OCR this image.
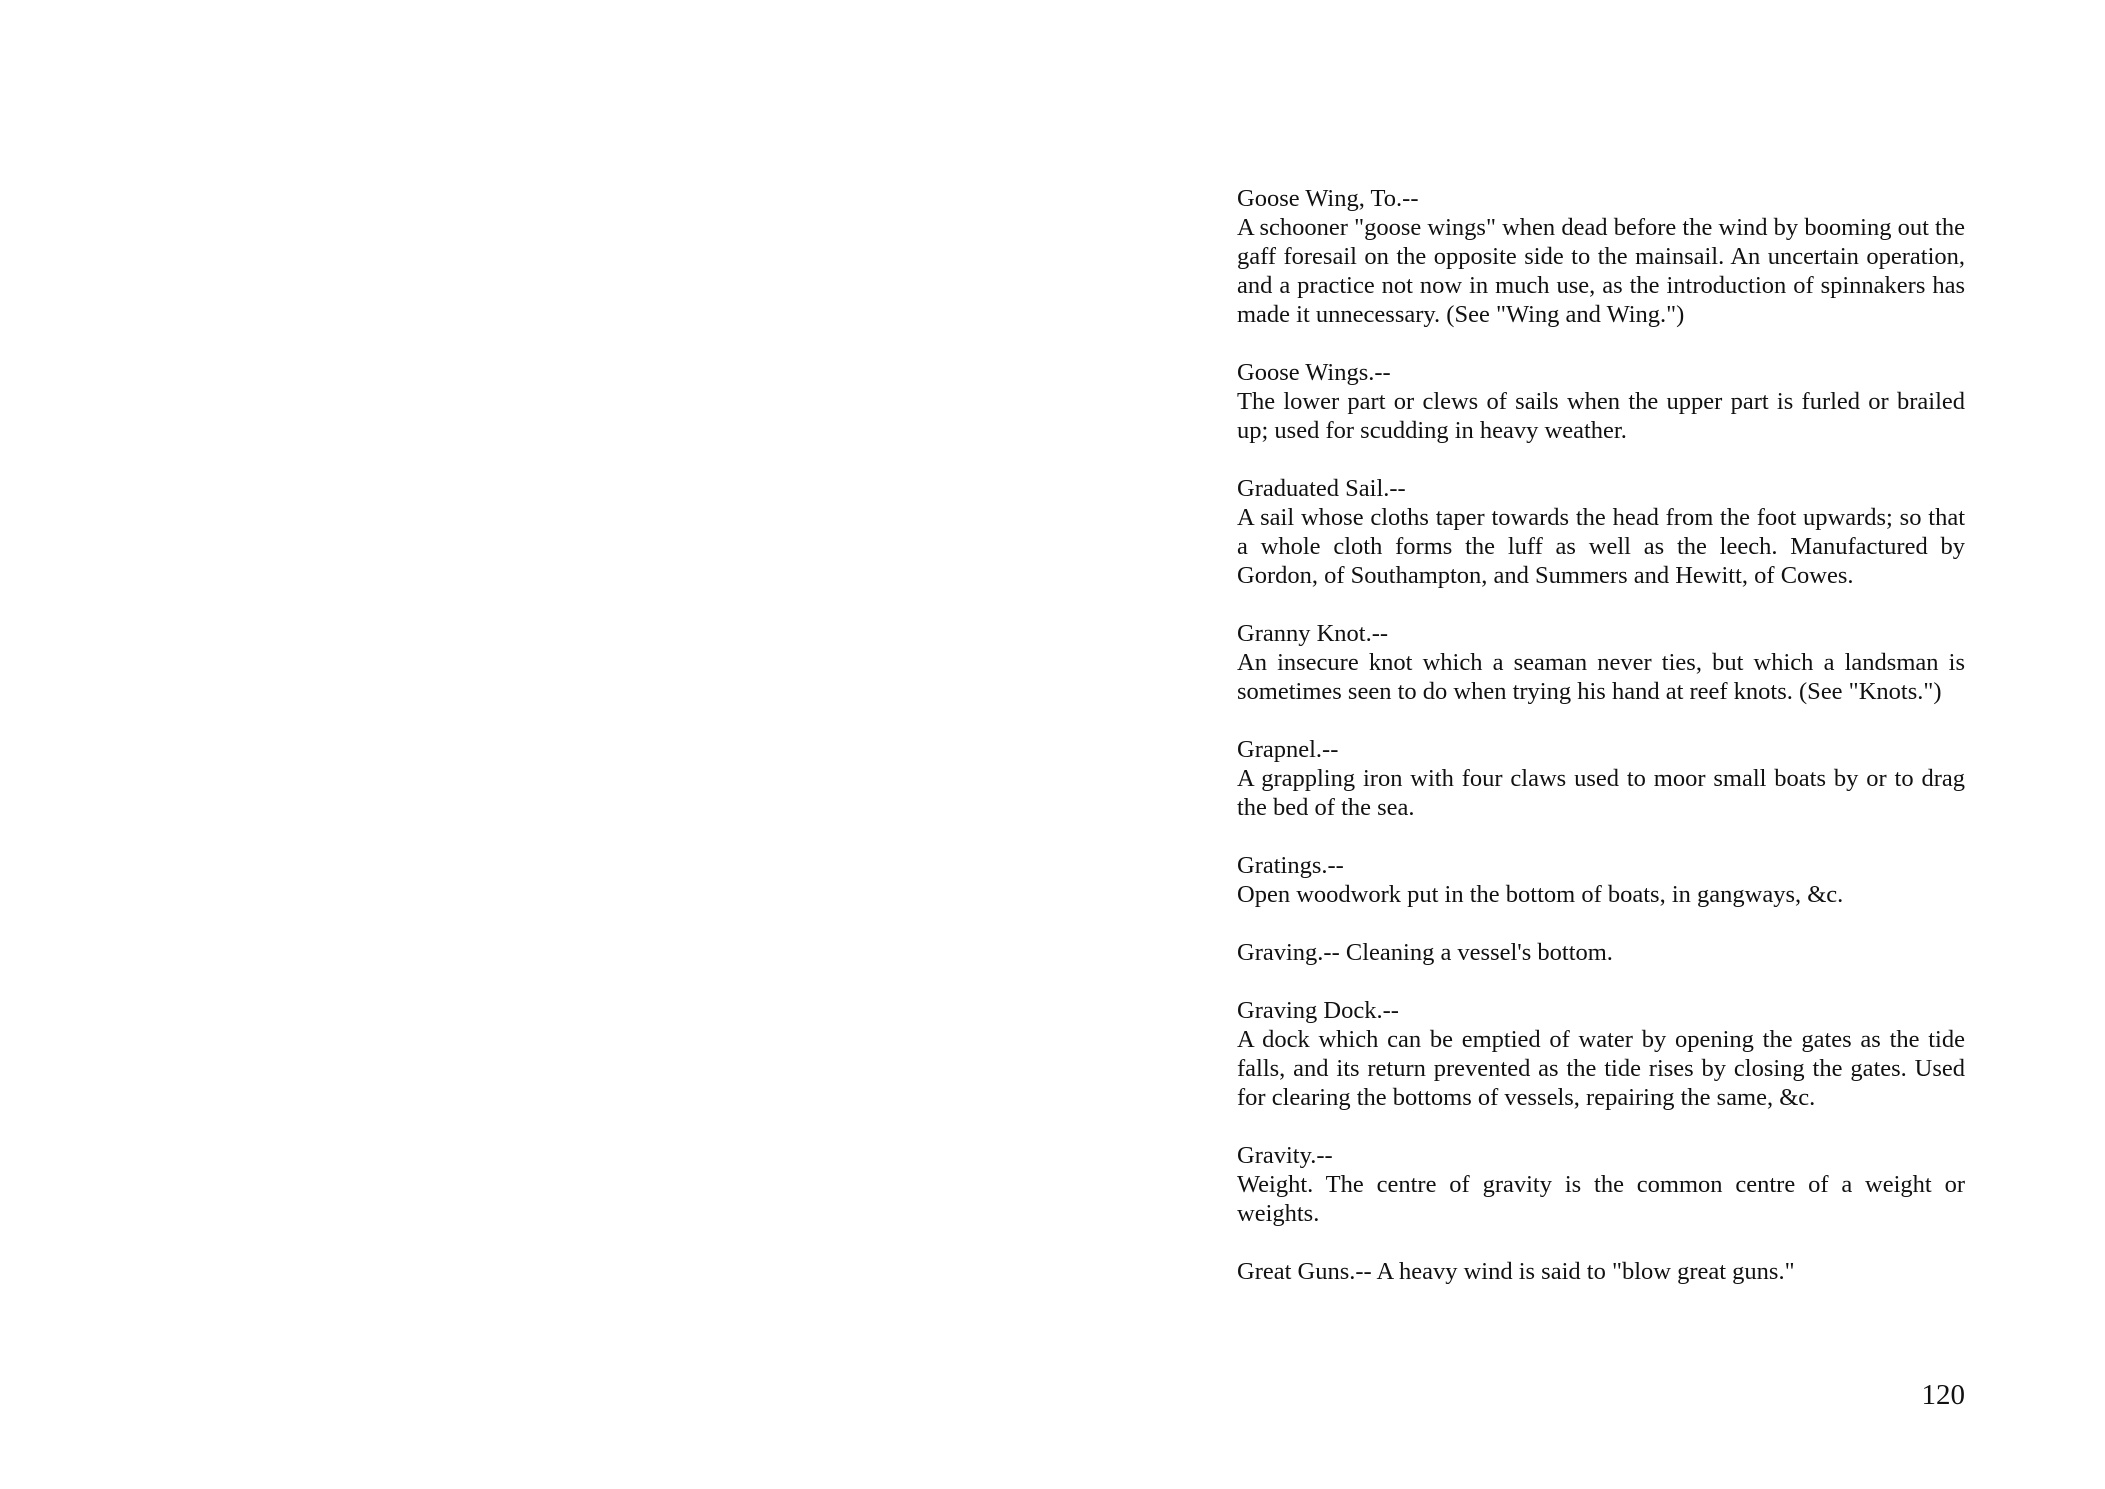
Goose Wing, To.--
A schooner "goose wings" when dead before the wind by booming out the gaff foresail on the opposite side to the mainsail. An uncertain operation, and a practice not now in much use, as the introduction of spinnakers has made it unnecessary. (See "Wing and Wing.")
Goose Wings.--
The lower part or clews of sails when the upper part is furled or brailed up; used for scudding in heavy weather.
Graduated Sail.--
A sail whose cloths taper towards the head from the foot upwards; so that a whole cloth forms the luff as well as the leech. Manufactured by Gordon, of Southampton, and Summers and Hewitt, of Cowes.
Granny Knot.--
An insecure knot which a seaman never ties, but which a landsman is sometimes seen to do when trying his hand at reef knots. (See "Knots.")
Grapnel.--
A grappling iron with four claws used to moor small boats by or to drag the bed of the sea.
Gratings.--
Open woodwork put in the bottom of boats, in gangways, &c.
Graving.-- Cleaning a vessel's bottom.
Graving Dock.--
A dock which can be emptied of water by opening the gates as the tide falls, and its return prevented as the tide rises by closing the gates. Used for clearing the bottoms of vessels, repairing the same, &c.
Gravity.--
Weight. The centre of gravity is the common centre of a weight or weights.
Great Guns.-- A heavy wind is said to "blow great guns."
120
